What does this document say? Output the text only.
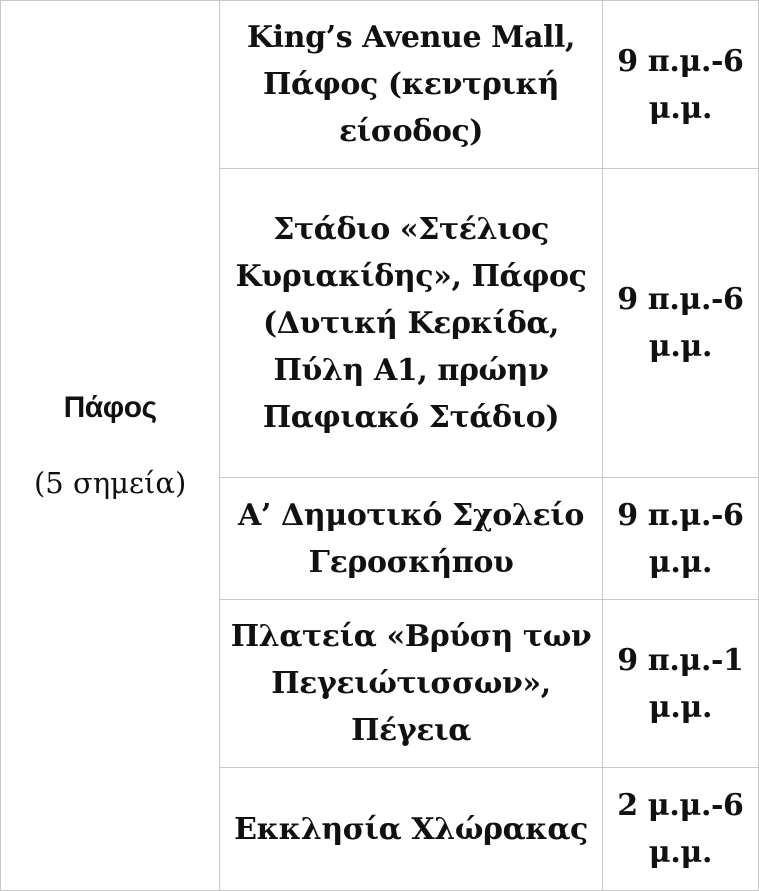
Πάφος
(5 σημεία)	King’s Avenue Mall, Πάφος (κεντρική είσοδος)	9 π.μ.-6 μ.μ.
	Στάδιο «Στέλιος Κυριακίδης», Πάφος (Δυτική Κερκίδα, Πύλη Α1, πρώην Παφιακό Στάδιο)	9 π.μ.-6 μ.μ.
	Α’ Δημοτικό Σχολείο Γεροσκήπου	9 π.μ.-6 μ.μ.
	Πλατεία «Βρύση των Πεγειώτισσων», Πέγεια	9 π.μ.-1 μ.μ.
	Εκκλησία Χλώρακας	2 μ.μ.-6 μ.μ.
